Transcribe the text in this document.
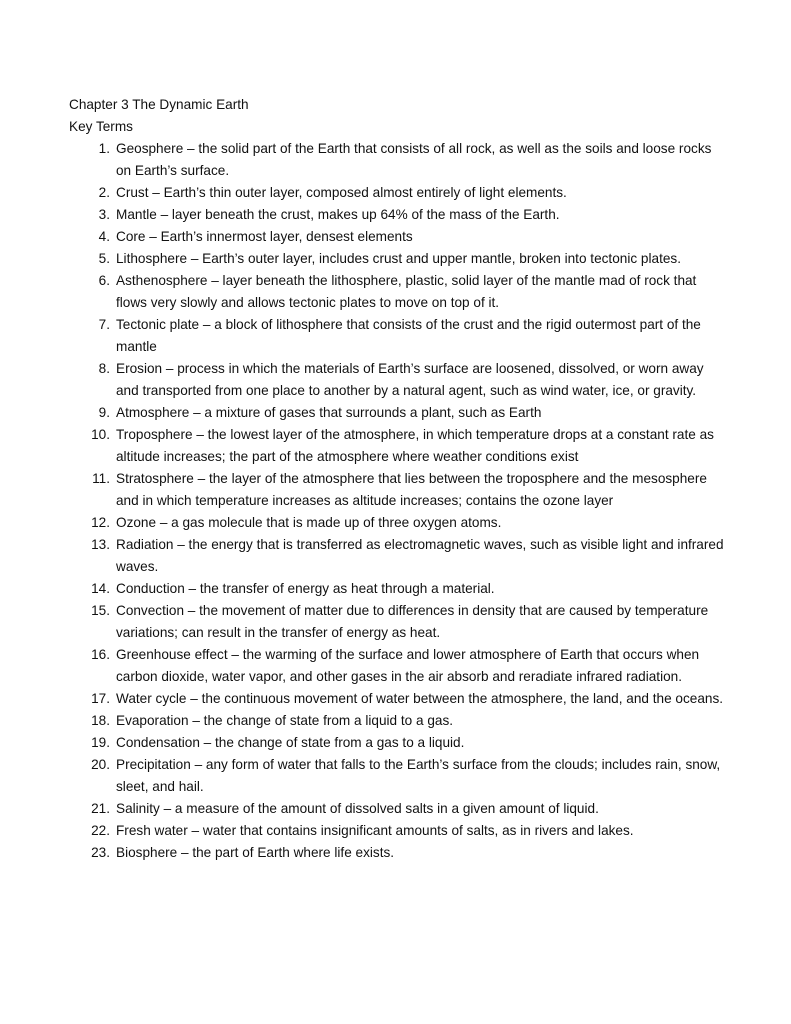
Chapter 3 The Dynamic Earth

Key Terms

1. Geosphere – the solid part of the Earth that consists of all rock, as well as the soils and loose rocks on Earth’s surface.
2. Crust – Earth’s thin outer layer, composed almost entirely of light elements.
3. Mantle – layer beneath the crust, makes up 64% of the mass of the Earth.
4. Core – Earth’s innermost layer, densest elements
5. Lithosphere – Earth’s outer layer, includes crust and upper mantle, broken into tectonic plates.
6. Asthenosphere – layer beneath the lithosphere, plastic, solid layer of the mantle mad of rock that flows very slowly and allows tectonic plates to move on top of it.
7. Tectonic plate – a block of lithosphere that consists of the crust and the rigid outermost part of the mantle
8. Erosion – process in which the materials of Earth’s surface are loosened, dissolved, or worn away and transported from one place to another by a natural agent, such as wind water, ice, or gravity.
9. Atmosphere – a mixture of gases that surrounds a plant, such as Earth
10. Troposphere – the lowest layer of the atmosphere, in which temperature drops at a constant rate as altitude increases; the part of the atmosphere where weather conditions exist
11. Stratosphere – the layer of the atmosphere that lies between the troposphere and the mesosphere and in which temperature increases as altitude increases; contains the ozone layer
12. Ozone – a gas molecule that is made up of three oxygen atoms.
13. Radiation – the energy that is transferred as electromagnetic waves, such as visible light and infrared waves.
14. Conduction – the transfer of energy as heat through a material.
15. Convection – the movement of matter due to differences in density that are caused by temperature variations; can result in the transfer of energy as heat.
16. Greenhouse effect – the warming of the surface and lower atmosphere of Earth that occurs when carbon dioxide, water vapor, and other gases in the air absorb and reradiate infrared radiation.
17. Water cycle – the continuous movement of water between the atmosphere, the land, and the oceans.
18. Evaporation – the change of state from a liquid to a gas.
19. Condensation – the change of state from a gas to a liquid.
20. Precipitation – any form of water that falls to the Earth’s surface from the clouds; includes rain, snow, sleet, and hail.
21. Salinity – a measure of the amount of dissolved salts in a given amount of liquid.
22. Fresh water – water that contains insignificant amounts of salts, as in rivers and lakes.
23. Biosphere – the part of Earth where life exists.
